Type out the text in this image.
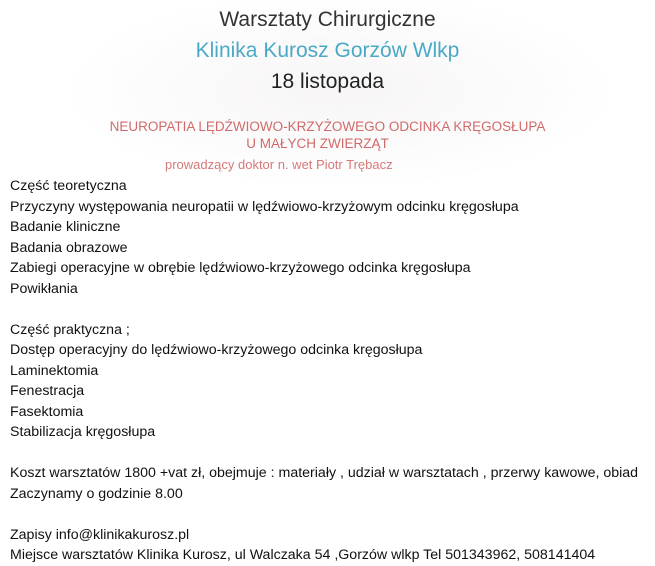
Warsztaty Chirurgiczne
Klinika Kurosz Gorzów Wlkp
18 listopada
NEUROPATIA LĘDŹWIOWO-KRZYŻOWEGO ODCINKA KRĘGOSŁUPA
U MAŁYCH ZWIERZĄT
prowadzący doktor n. wet Piotr Trębacz
Część teoretyczna
Przyczyny występowania neuropatii w lędźwiowo-krzyżowym odcinku kręgosłupa
Badanie kliniczne
Badania obrazowe
Zabiegi operacyjne w obrębie lędźwiowo-krzyżowego odcinka kręgosłupa
Powikłania
Część praktyczna ;
Dostęp operacyjny do lędźwiowo-krzyżowego odcinka kręgosłupa
Laminektomia
Fenestracja
Fasektomia
Stabilizacja kręgosłupa
Koszt warsztatów 1800 +vat zł, obejmuje : materiały , udział w warsztatach , przerwy kawowe, obiad
Zaczynamy o godzinie 8.00
Zapisy info@klinikakurosz.pl
Miejsce warsztatów Klinika Kurosz, ul Walczaka 54 ,Gorzów wlkp Tel 501343962, 508141404
